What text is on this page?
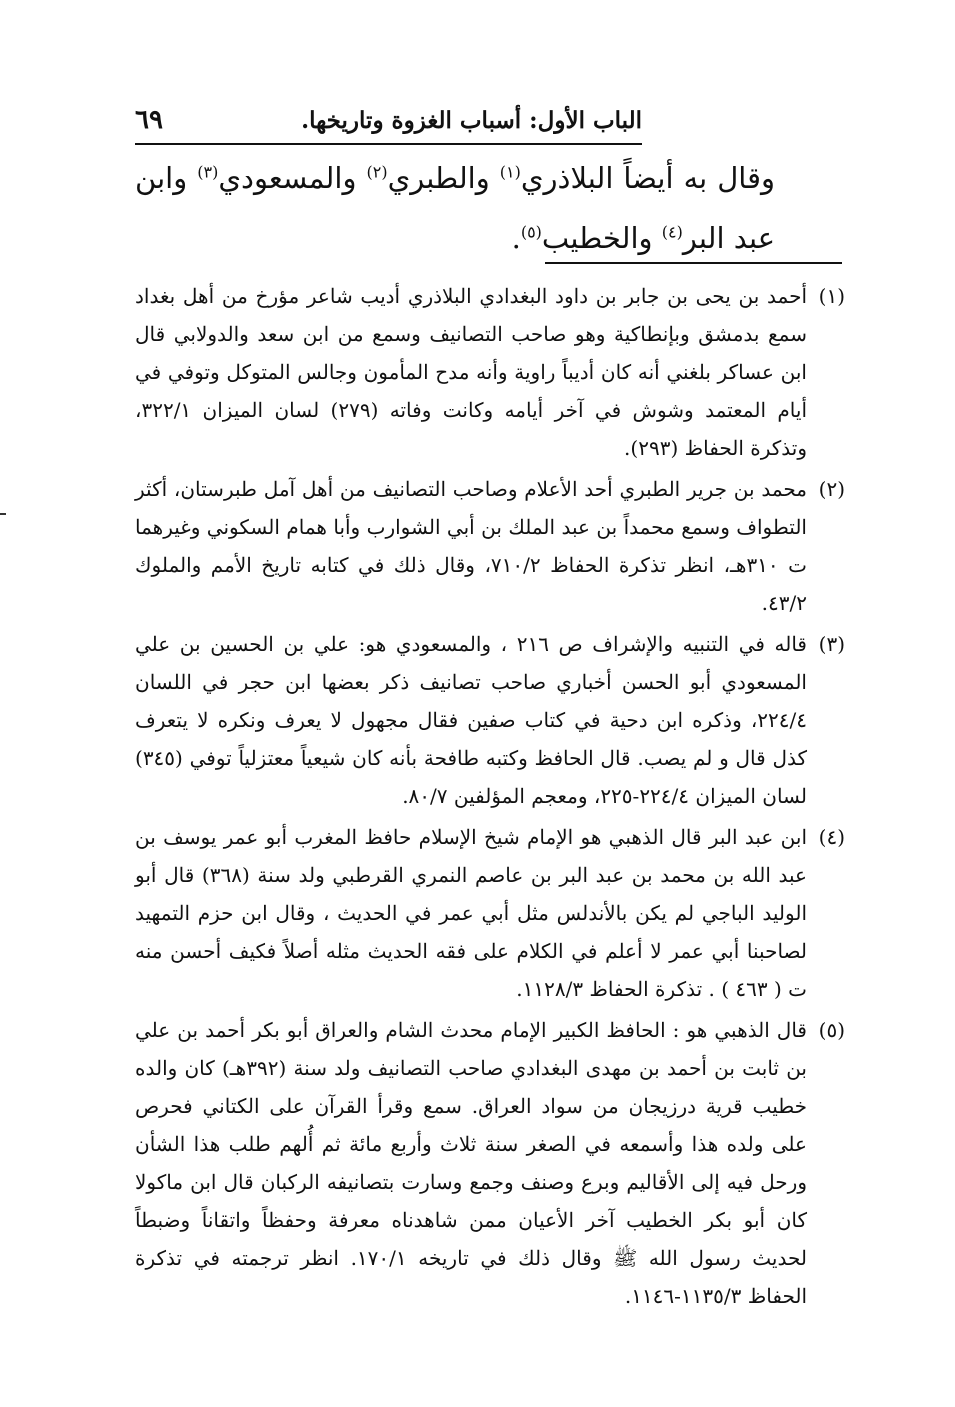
الباب الأول: أسباب الغزوة وتاريخها.
٦٩
وقال به أيضاً البلاذري$^{(١)}$ والطبري$^{(٢)}$ والمسعودي$^{(٣)}$ وابن عبد البر$^{(٤)}$ والخطيب$^{(٥)}$.
(١)
أحمد بن يحى بن جابر بن داود البغدادي البلاذري أديب شاعر مؤرخ من أهل بغداد سمع بدمشق وبإنطاكية وهو صاحب التصانيف وسمع من ابن سعد والدولابي قال ابن عساكر بلغني أنه كان أديباً راوية وأنه مدح المأمون وجالس المتوكل وتوفي في أيام المعتمد وشوش في آخر أيامه وكانت وفاته (٢٧٩) لسان الميزان ٣٢٢/١، وتذكرة الحفاظ (٢٩٣).
(٢)
محمد بن جرير الطبري أحد الأعلام وصاحب التصانيف من أهل آمل طبرستان، أكثر التطواف وسمع محمداً بن عبد الملك بن أبي الشوارب وأبا همام السكوني وغيرهما ت ٣١٠هـ، انظر تذكرة الحفاظ ٧١٠/٢، وقال ذلك في كتابه تاريخ الأمم والملوك ٤٣/٢.
(٣)
قاله في التنبيه والإشراف ص ٢١٦ ، والمسعودي هو: علي بن الحسين بن علي المسعودي أبو الحسن أخباري صاحب تصانيف ذكر بعضها ابن حجر في اللسان ٢٢٤/٤، وذكره ابن دحية في كتاب صفين فقال مجهول لا يعرف ونكره لا يتعرف كذل قال و لم يصب. قال الحافظ وكتبه طافحة بأنه كان شيعياً معتزلياً توفي (٣٤٥) لسان الميزان ٢٢٤/٤-٢٢٥، ومعجم المؤلفين ٨٠/٧.
(٤)
ابن عبد البر قال الذهبي هو الإمام شيخ الإسلام حافظ المغرب أبو عمر يوسف بن عبد الله بن محمد بن عبد البر بن عاصم النمري القرطبي ولد سنة (٣٦٨) قال أبو الوليد الباجي لم يكن بالأندلس مثل أبي عمر في الحديث ، وقال ابن حزم التمهيد لصاحبنا أبي عمر لا أعلم في الكلام على فقه الحديث مثله أصلاً فكيف أحسن منه ت ( ٤٦٣ ) . تذكرة الحفاظ ١١٢٨/٣.
(٥)
قال الذهبي هو : الحافظ الكبير الإمام محدث الشام والعراق أبو بكر أحمد بن علي بن ثابت بن أحمد بن مهدى البغدادي صاحب التصانيف ولد سنة (٣٩٢هـ) كان والده خطيب قرية درزيجان من سواد العراق. سمع وقرأ القرآن على الكتاني فحرص على ولده هذا وأسمعه في الصغر سنة ثلاث وأربع مائة ثم أُلهم طلب هذا الشأن ورحل فيه إلى الأقاليم وبرع وصنف وجمع وسارت بتصانيفه الركبان قال ابن ماكولا كان أبو بكر الخطيب آخر الأعيان ممن شاهدناه معرفة وحفظاً واتقاناً وضبطاً لحديث رسول الله ﷺ وقال ذلك في تاريخه ١٧٠/١. انظر ترجمته في تذكرة الحفاظ ١١٣٥/٣-١١٤٦.
